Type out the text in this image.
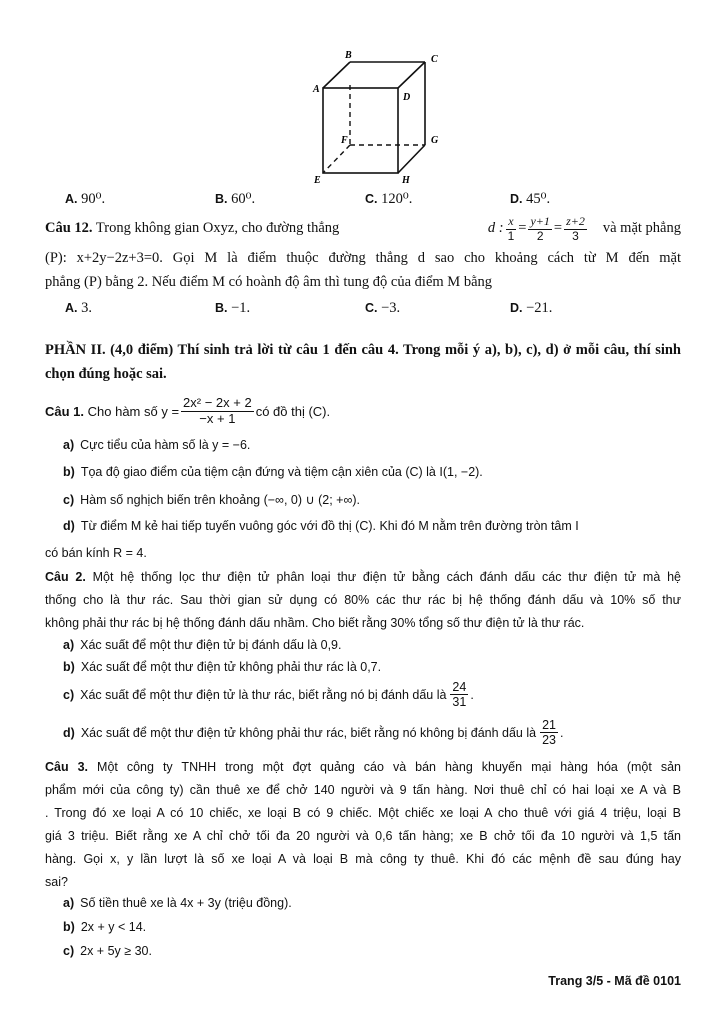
B	C
A
D
F	G
E	H
A. 90⁰.	B. 60⁰.	C. 120⁰.	D. 45⁰.
Câu 12. Trong không gian Oxyz, cho đường thẳng	d : $\frac{x}{1} = \frac{y+1}{2} = \frac{z+2}{3}$ và mặt phẳng
(P): x+2y−2z+3=0. Gọi M là điểm thuộc đường thẳng d sao cho khoảng cách từ M đến mặt
phẳng (P) bằng 2. Nếu điểm M có hoành độ âm thì tung độ của điểm M bằng
A. 3.	B. −1.	C. −3.	D. −21.
PHẦN II. (4,0 điểm) Thí sinh trả lời từ câu 1 đến câu 4. Trong mỗi ý a), b), c), d) ở mỗi câu, thí sinh
chọn đúng hoặc sai.
Câu 1.
Cho hàm số $y = \frac{\text{2x² − 2x + 2}}{-x + 1}$ có đồ thị (C).
a) Cực tiểu của hàm số là y = −6.
b) Tọa độ giao điểm của tiệm cận đứng và tiệm cận xiên của (C) là I(1, −2).
c) Hàm số nghịch biến trên khoảng (−∞, 0) ∪ (2; +∞).
d) Từ điểm M kẻ hai tiếp tuyến vuông góc với đồ thị (C). Khi đó M nằm trên đường tròn tâm I
có bán kính R = 4.
Câu 2. Một hệ thống lọc thư điện tử phân loại thư điện tử bằng cách đánh dấu các thư điện tử mà hệ
thống cho là thư rác. Sau thời gian sử dụng có 80% các thư rác bị hệ thống đánh dấu và 10% số thư
không phải thư rác bị hệ thống đánh dấu nhầm. Cho biết rằng 30% tổng số thư điện tử là thư rác.
a) Xác suất để một thư điện tử bị đánh dấu là 0,9.
b) Xác suất để một thư điện tử không phải thư rác là 0,7.
c) Xác suất để một thư điện tử là thư rác, biết rằng nó bị đánh dấu là $\frac{24}{31}$ .
d) Xác suất để một thư điện tử không phải thư rác, biết rằng nó không bị đánh dấu là $\frac{21}{23}$ .
Câu 3. Một công ty TNHH trong một đợt quảng cáo và bán hàng khuyến mại hàng hóa (một sản
phẩm mới của công ty) cần thuê xe để chở 140 người và 9 tấn hàng. Nơi thuê chỉ có hai loại xe A và B
. Trong đó xe loại A có 10 chiếc, xe loại B có 9 chiếc. Một chiếc xe loại A cho thuê với giá 4 triệu, loại B
giá 3 triệu. Biết rằng xe A chỉ chở tối đa 20 người và 0,6 tấn hàng; xe B chở tối đa 10 người và 1,5 tấn
hàng. Gọi x, y lần lượt là số xe loại A và loại B mà công ty thuê. Khi đó các mệnh đề sau đúng hay
sai?
a) Số tiền thuê xe là 4x + 3y (triệu đồng).
b) 2x + y < 14.
c) 2x + 5y ≥ 30.
Trang 3/5 - Mã đề 0101
